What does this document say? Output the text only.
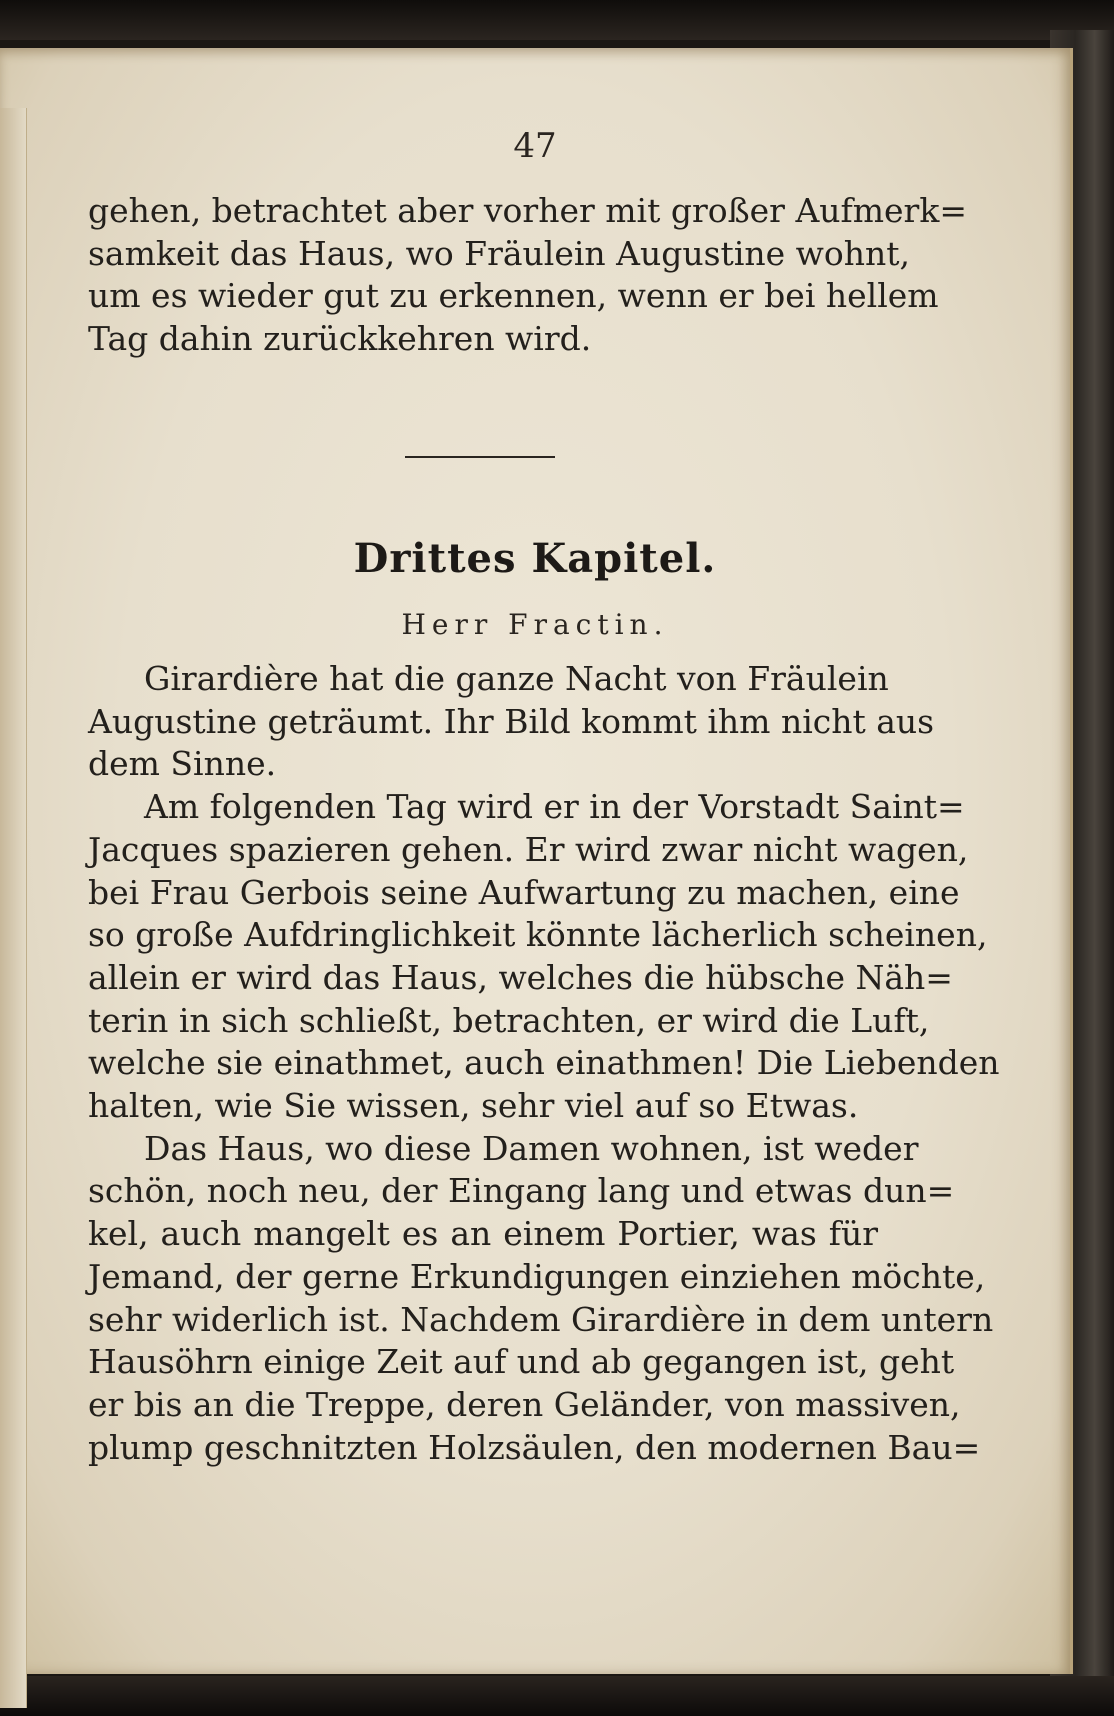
47
gehen, betrachtet aber vorher mit großer Aufmerk=
samkeit das Haus, wo Fräulein Augustine wohnt,
um es wieder gut zu erkennen, wenn er bei hellem
Tag dahin zurückkehren wird.
Drittes Kapitel.
Herr Fractin.
Girardière hat die ganze Nacht von Fräulein
Augustine geträumt. Ihr Bild kommt ihm nicht aus
dem Sinne.
Am folgenden Tag wird er in der Vorstadt Saint=
Jacques spazieren gehen. Er wird zwar nicht wagen,
bei Frau Gerbois seine Aufwartung zu machen, eine
so große Aufdringlichkeit könnte lächerlich scheinen,
allein er wird das Haus, welches die hübsche Näh=
terin in sich schließt, betrachten, er wird die Luft,
welche sie einathmet, auch einathmen! Die Liebenden
halten, wie Sie wissen, sehr viel auf so Etwas.
Das Haus, wo diese Damen wohnen, ist weder
schön, noch neu, der Eingang lang und etwas dun=
kel, auch mangelt es an einem Portier, was für
Jemand, der gerne Erkundigungen einziehen möchte,
sehr widerlich ist. Nachdem Girardière in dem untern
Hausöhrn einige Zeit auf und ab gegangen ist, geht
er bis an die Treppe, deren Geländer, von massiven,
plump geschnitzten Holzsäulen, den modernen Bau=
